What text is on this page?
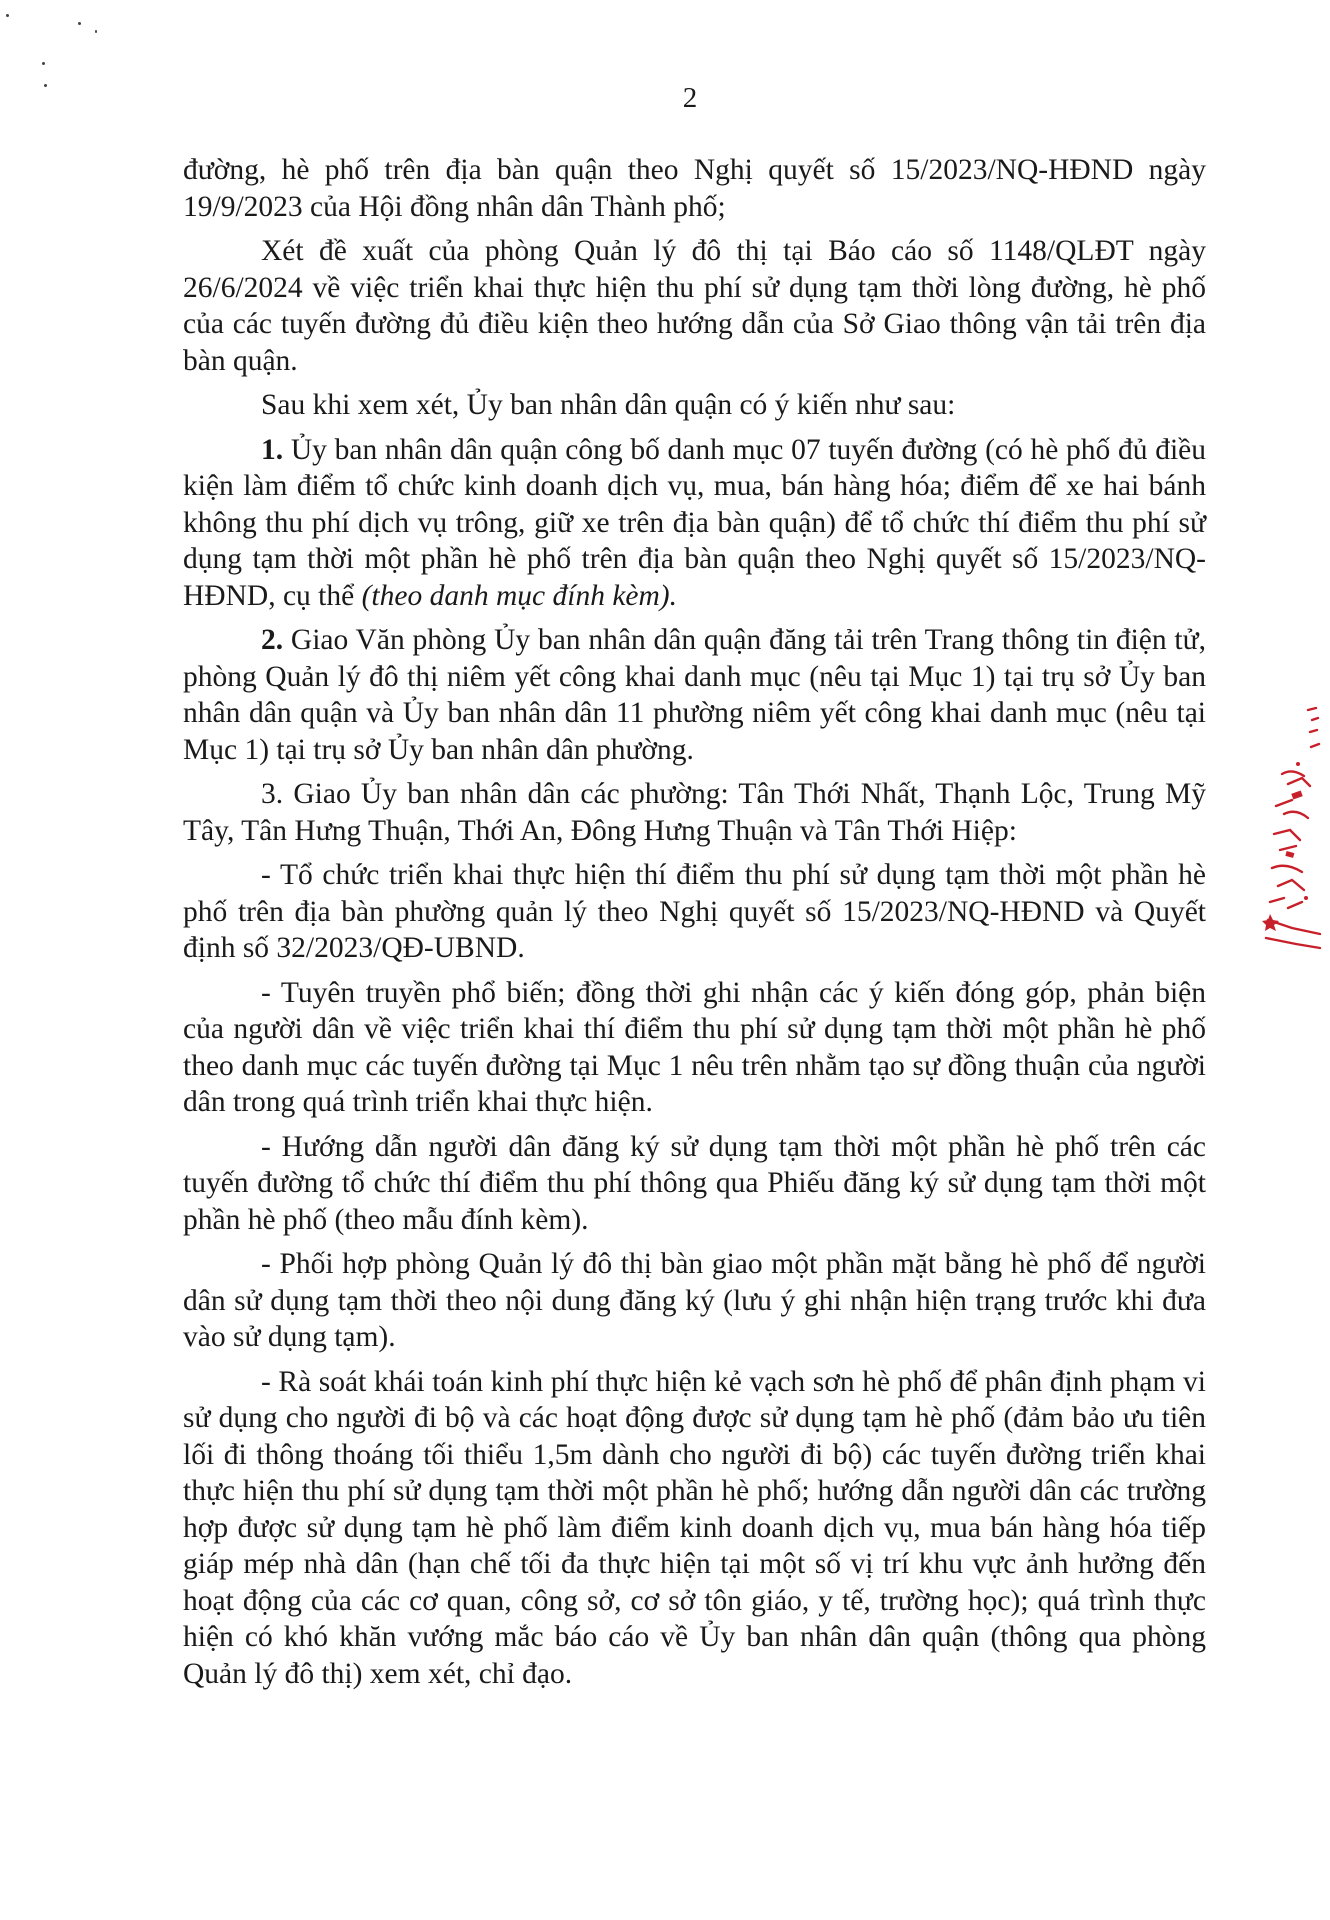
2

đường, hè phố trên địa bàn quận theo Nghị quyết số 15/2023/NQ-HĐND ngày 19/9/2023 của Hội đồng nhân dân Thành phố;

Xét đề xuất của phòng Quản lý đô thị tại Báo cáo số 1148/QLĐT ngày 26/6/2024 về việc triển khai thực hiện thu phí sử dụng tạm thời lòng đường, hè phố của các tuyến đường đủ điều kiện theo hướng dẫn của Sở Giao thông vận tải trên địa bàn quận.

Sau khi xem xét, Ủy ban nhân dân quận có ý kiến như sau:

1. Ủy ban nhân dân quận công bố danh mục 07 tuyến đường (có hè phố đủ điều kiện làm điểm tổ chức kinh doanh dịch vụ, mua, bán hàng hóa; điểm để xe hai bánh không thu phí dịch vụ trông, giữ xe trên địa bàn quận) để tổ chức thí điểm thu phí sử dụng tạm thời một phần hè phố trên địa bàn quận theo Nghị quyết số 15/2023/NQ-HĐND, cụ thể (theo danh mục đính kèm).

2. Giao Văn phòng Ủy ban nhân dân quận đăng tải trên Trang thông tin điện tử, phòng Quản lý đô thị niêm yết công khai danh mục (nêu tại Mục 1) tại trụ sở Ủy ban nhân dân quận và Ủy ban nhân dân 11 phường niêm yết công khai danh mục (nêu tại Mục 1) tại trụ sở Ủy ban nhân dân phường.

3. Giao Ủy ban nhân dân các phường: Tân Thới Nhất, Thạnh Lộc, Trung Mỹ Tây, Tân Hưng Thuận, Thới An, Đông Hưng Thuận và Tân Thới Hiệp:

- Tổ chức triển khai thực hiện thí điểm thu phí sử dụng tạm thời một phần hè phố trên địa bàn phường quản lý theo Nghị quyết số 15/2023/NQ-HĐND và Quyết định số 32/2023/QĐ-UBND.

- Tuyên truyền phổ biến; đồng thời ghi nhận các ý kiến đóng góp, phản biện của người dân về việc triển khai thí điểm thu phí sử dụng tạm thời một phần hè phố theo danh mục các tuyến đường tại Mục 1 nêu trên nhằm tạo sự đồng thuận của người dân trong quá trình triển khai thực hiện.

- Hướng dẫn người dân đăng ký sử dụng tạm thời một phần hè phố trên các tuyến đường tổ chức thí điểm thu phí thông qua Phiếu đăng ký sử dụng tạm thời một phần hè phố (theo mẫu đính kèm).

- Phối hợp phòng Quản lý đô thị bàn giao một phần mặt bằng hè phố để người dân sử dụng tạm thời theo nội dung đăng ký (lưu ý ghi nhận hiện trạng trước khi đưa vào sử dụng tạm).

- Rà soát khái toán kinh phí thực hiện kẻ vạch sơn hè phố để phân định phạm vi sử dụng cho người đi bộ và các hoạt động được sử dụng tạm hè phố (đảm bảo ưu tiên lối đi thông thoáng tối thiểu 1,5m dành cho người đi bộ) các tuyến đường triển khai thực hiện thu phí sử dụng tạm thời một phần hè phố; hướng dẫn người dân các trường hợp được sử dụng tạm hè phố làm điểm kinh doanh dịch vụ, mua bán hàng hóa tiếp giáp mép nhà dân (hạn chế tối đa thực hiện tại một số vị trí khu vực ảnh hưởng đến hoạt động của các cơ quan, công sở, cơ sở tôn giáo, y tế, trường học); quá trình thực hiện có khó khăn vướng mắc báo cáo về Ủy ban nhân dân quận (thông qua phòng Quản lý đô thị) xem xét, chỉ đạo.
